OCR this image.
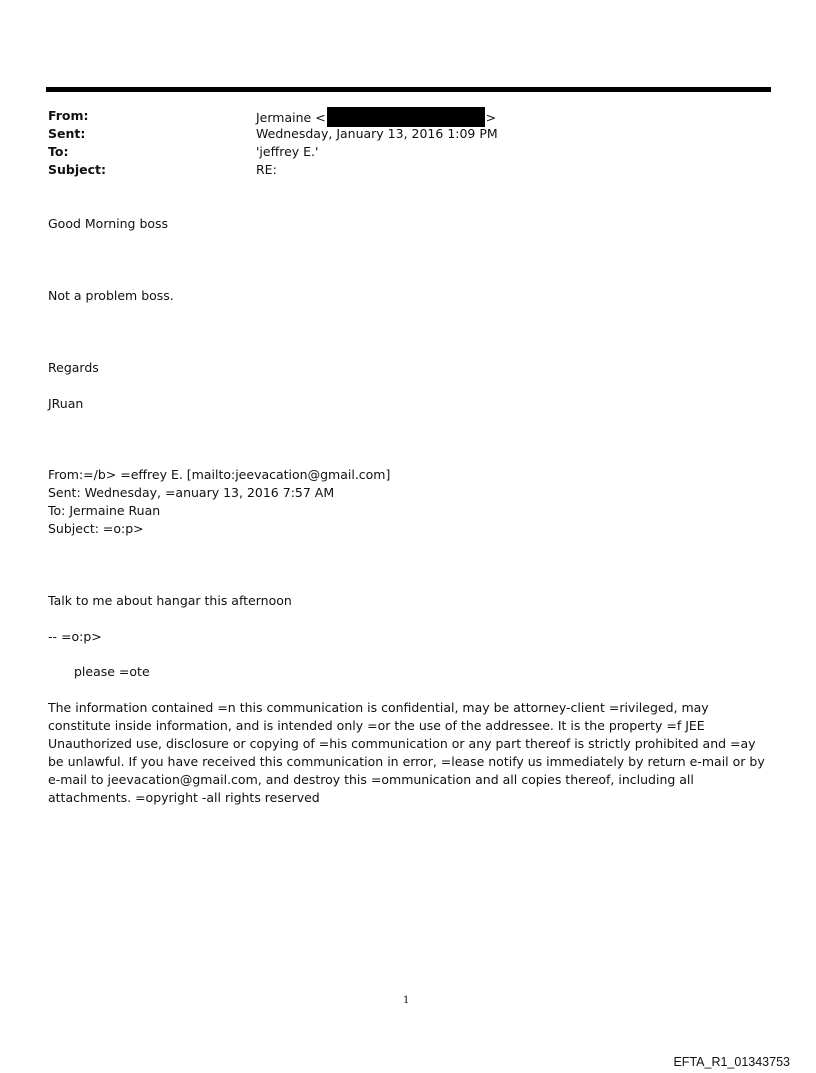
From:	Jermaine <	>
Sent:	Wednesday, January 13, 2016 1:09 PM
To:	'jeffrey E.'
Subject:	RE:
Good Morning boss
Not a problem boss.
Regards
JRuan
From:=/b> =effrey E. [mailto:jeevacation@gmail.com]
Sent: Wednesday, =anuary 13, 2016 7:57 AM
To: Jermaine Ruan
Subject: =o:p>
Talk to me about hangar this afternoon
-- =o:p>
please =ote
The information contained =n this communication is confidential, may be attorney-client =rivileged, may constitute inside information, and is intended only =or the use of the addressee. It is the property =f JEE Unauthorized use, disclosure or copying of =his communication or any part thereof is strictly prohibited and =ay be unlawful. If you have received this communication in error, =lease notify us immediately by return e-mail or by e-mail to jeevacation@gmail.com, and destroy this =ommunication and all copies thereof, including all attachments. =opyright -all rights reserved
1
EFTA_R1_01343753
